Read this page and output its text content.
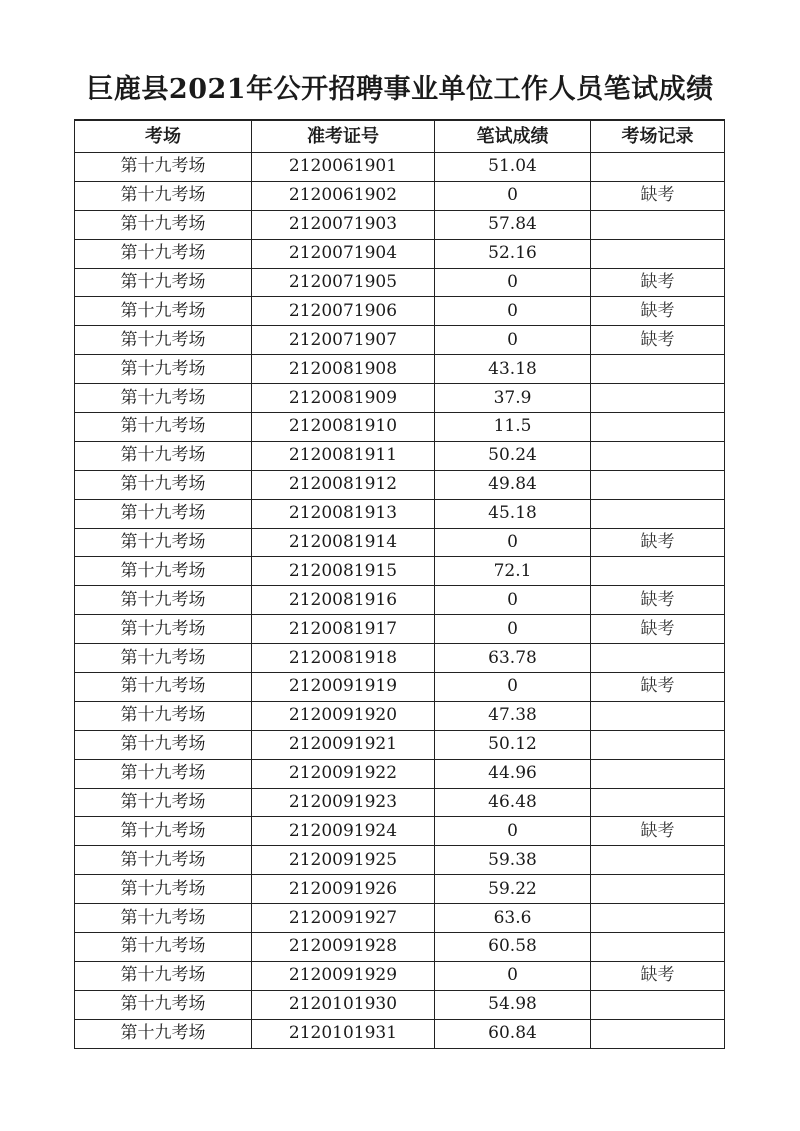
巨鹿县2021年公开招聘事业单位工作人员笔试成绩
考场	准考证号	笔试成绩	考场记录
第十九考场	2120061901	51.04	
第十九考场	2120061902	0	缺考
第十九考场	2120071903	57.84	
第十九考场	2120071904	52.16	
第十九考场	2120071905	0	缺考
第十九考场	2120071906	0	缺考
第十九考场	2120071907	0	缺考
第十九考场	2120081908	43.18	
第十九考场	2120081909	37.9	
第十九考场	2120081910	11.5	
第十九考场	2120081911	50.24	
第十九考场	2120081912	49.84	
第十九考场	2120081913	45.18	
第十九考场	2120081914	0	缺考
第十九考场	2120081915	72.1	
第十九考场	2120081916	0	缺考
第十九考场	2120081917	0	缺考
第十九考场	2120081918	63.78	
第十九考场	2120091919	0	缺考
第十九考场	2120091920	47.38	
第十九考场	2120091921	50.12	
第十九考场	2120091922	44.96	
第十九考场	2120091923	46.48	
第十九考场	2120091924	0	缺考
第十九考场	2120091925	59.38	
第十九考场	2120091926	59.22	
第十九考场	2120091927	63.6	
第十九考场	2120091928	60.58	
第十九考场	2120091929	0	缺考
第十九考场	2120101930	54.98	
第十九考场	2120101931	60.84	
